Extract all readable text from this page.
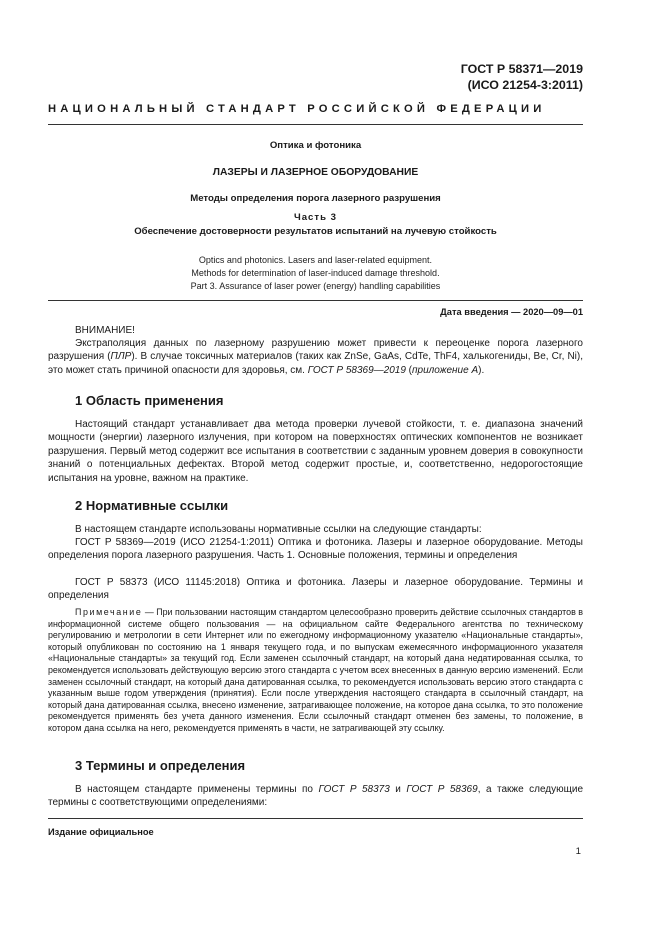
ГОСТ Р 58371—2019
(ИСО 21254-3:2011)
НАЦИОНАЛЬНЫЙ СТАНДАРТ РОССИЙСКОЙ ФЕДЕРАЦИИ
Оптика и фотоника
ЛАЗЕРЫ И ЛАЗЕРНОЕ ОБОРУДОВАНИЕ
Методы определения порога лазерного разрушения
Часть 3
Обеспечение достоверности результатов испытаний на лучевую стойкость
Optics and photonics. Lasers and laser-related equipment.
Methods for determination of laser-induced damage threshold.
Part 3. Assurance of laser power (energy) handling capabilities
Дата введения — 2020—09—01
ВНИМАНИЕ!
Экстраполяция данных по лазерному разрушению может привести к переоценке порога лазерного разрушения (ПЛР). В случае токсичных материалов (таких как ZnSe, GaAs, CdTe, ThF4, халькогениды, Be, Cr, Ni), это может стать причиной опасности для здоровья, см. ГОСТ Р 58369—2019 (приложение А).
1 Область применения
Настоящий стандарт устанавливает два метода проверки лучевой стойкости, т. е. диапазона значений мощности (энергии) лазерного излучения, при котором на поверхностях оптических компонентов не возникает разрушения. Первый метод содержит все испытания в соответствии с заданным уровнем доверия в совокупности знаний о потенциальных дефектах. Второй метод содержит простые, и, соответственно, недорогостоящие испытания на уровне, важном на практике.
2 Нормативные ссылки
В настоящем стандарте использованы нормативные ссылки на следующие стандарты:
ГОСТ Р 58369—2019 (ИСО 21254-1:2011) Оптика и фотоника. Лазеры и лазерное оборудование. Методы определения порога лазерного разрушения. Часть 1. Основные положения, термины и определения
ГОСТ Р 58373 (ИСО 11145:2018) Оптика и фотоника. Лазеры и лазерное оборудование. Термины и определения
Примечание — При пользовании настоящим стандартом целесообразно проверить действие ссылочных стандартов в информационной системе общего пользования — на официальном сайте Федерального агентства по техническому регулированию и метрологии в сети Интернет или по ежегодному информационному указателю «Национальные стандарты», который опубликован по состоянию на 1 января текущего года, и по выпускам ежемесячного информационного указателя «Национальные стандарты» за текущий год. Если заменен ссылочный стандарт, на который дана недатированная ссылка, то рекомендуется использовать действующую версию этого стандарта с учетом всех внесенных в данную версию изменений. Если заменен ссылочный стандарт, на который дана датированная ссылка, то рекомендуется использовать версию этого стандарта с указанным выше годом утверждения (принятия). Если после утверждения настоящего стандарта в ссылочный стандарт, на который дана датированная ссылка, внесено изменение, затрагивающее положение, на которое дана ссылка, то это положение рекомендуется применять без учета данного изменения. Если ссылочный стандарт отменен без замены, то положение, в котором дана ссылка на него, рекомендуется применять в части, не затрагивающей эту ссылку.
3 Термины и определения
В настоящем стандарте применены термины по ГОСТ Р 58373 и ГОСТ Р 58369, а также следующие термины с соответствующими определениями:
Издание официальное
1
